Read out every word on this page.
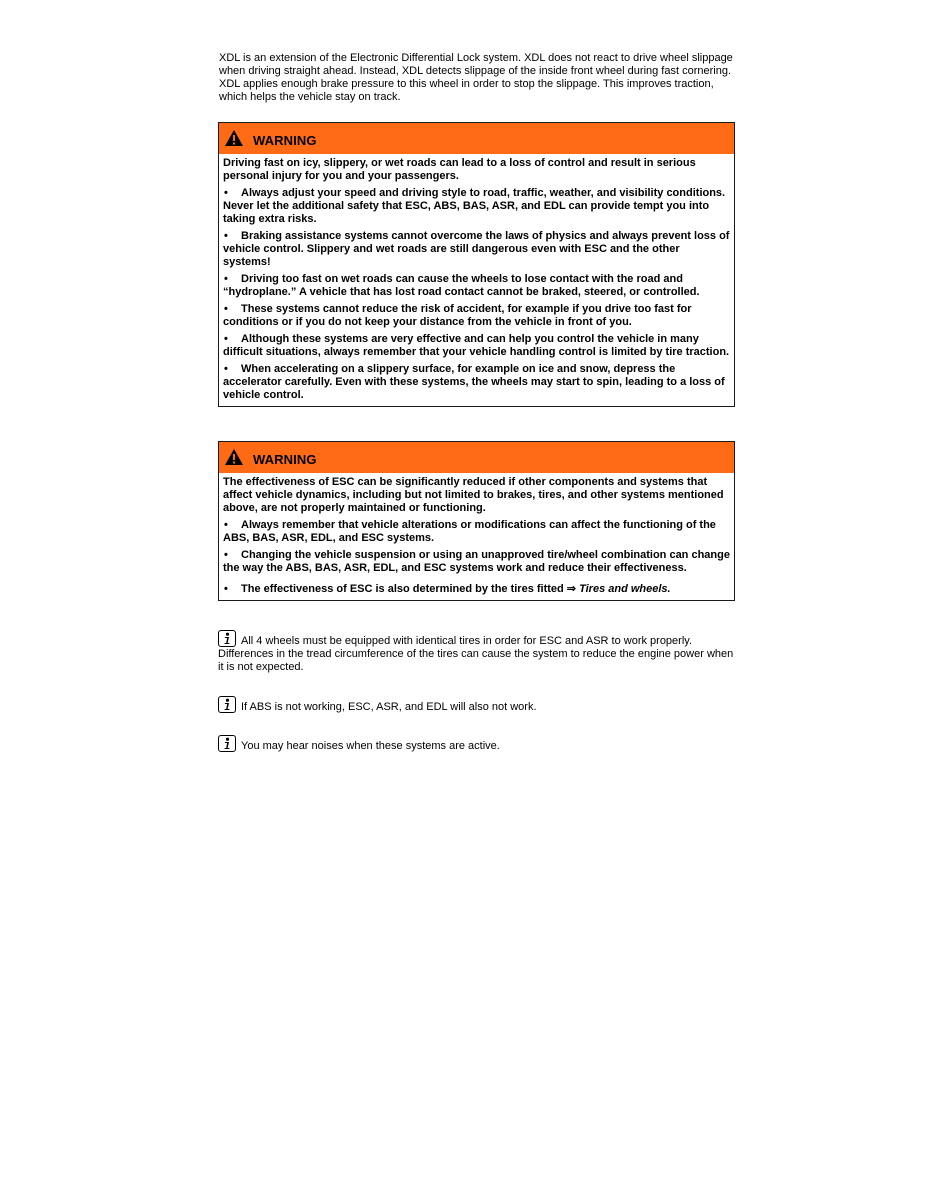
XDL is an extension of the Electronic Differential Lock system. XDL does not react to drive wheel slippage when driving straight ahead. Instead, XDL detects slippage of the inside front wheel during fast cornering. XDL applies enough brake pressure to this wheel in order to stop the slippage. This improves traction, which helps the vehicle stay on track.

WARNING

Driving fast on icy, slippery, or wet roads can lead to a loss of control and result in serious personal injury for you and your passengers.

• Always adjust your speed and driving style to road, traffic, weather, and visibility conditions. Never let the additional safety that ESC, ABS, BAS, ASR, and EDL can provide tempt you into taking extra risks.

• Braking assistance systems cannot overcome the laws of physics and always prevent loss of vehicle control. Slippery and wet roads are still dangerous even with ESC and the other systems!

• Driving too fast on wet roads can cause the wheels to lose contact with the road and “hydroplane.” A vehicle that has lost road contact cannot be braked, steered, or controlled.

• These systems cannot reduce the risk of accident, for example if you drive too fast for conditions or if you do not keep your distance from the vehicle in front of you.

• Although these systems are very effective and can help you control the vehicle in many difficult situations, always remember that your vehicle handling control is limited by tire traction.

• When accelerating on a slippery surface, for example on ice and snow, depress the accelerator carefully. Even with these systems, the wheels may start to spin, leading to a loss of vehicle control.

WARNING

The effectiveness of ESC can be significantly reduced if other components and systems that affect vehicle dynamics, including but not limited to brakes, tires, and other systems mentioned above, are not properly maintained or functioning.

• Always remember that vehicle alterations or modifications can affect the functioning of the ABS, BAS, ASR, EDL, and ESC systems.

• Changing the vehicle suspension or using an unapproved tire/wheel combination can change the way the ABS, BAS, ASR, EDL, and ESC systems work and reduce their effectiveness.

• The effectiveness of ESC is also determined by the tires fitted ⇒ Tires and wheels.

All 4 wheels must be equipped with identical tires in order for ESC and ASR to work properly. Differences in the tread circumference of the tires can cause the system to reduce the engine power when it is not expected.
If ABS is not working, ESC, ASR, and EDL will also not work.
You may hear noises when these systems are active.
